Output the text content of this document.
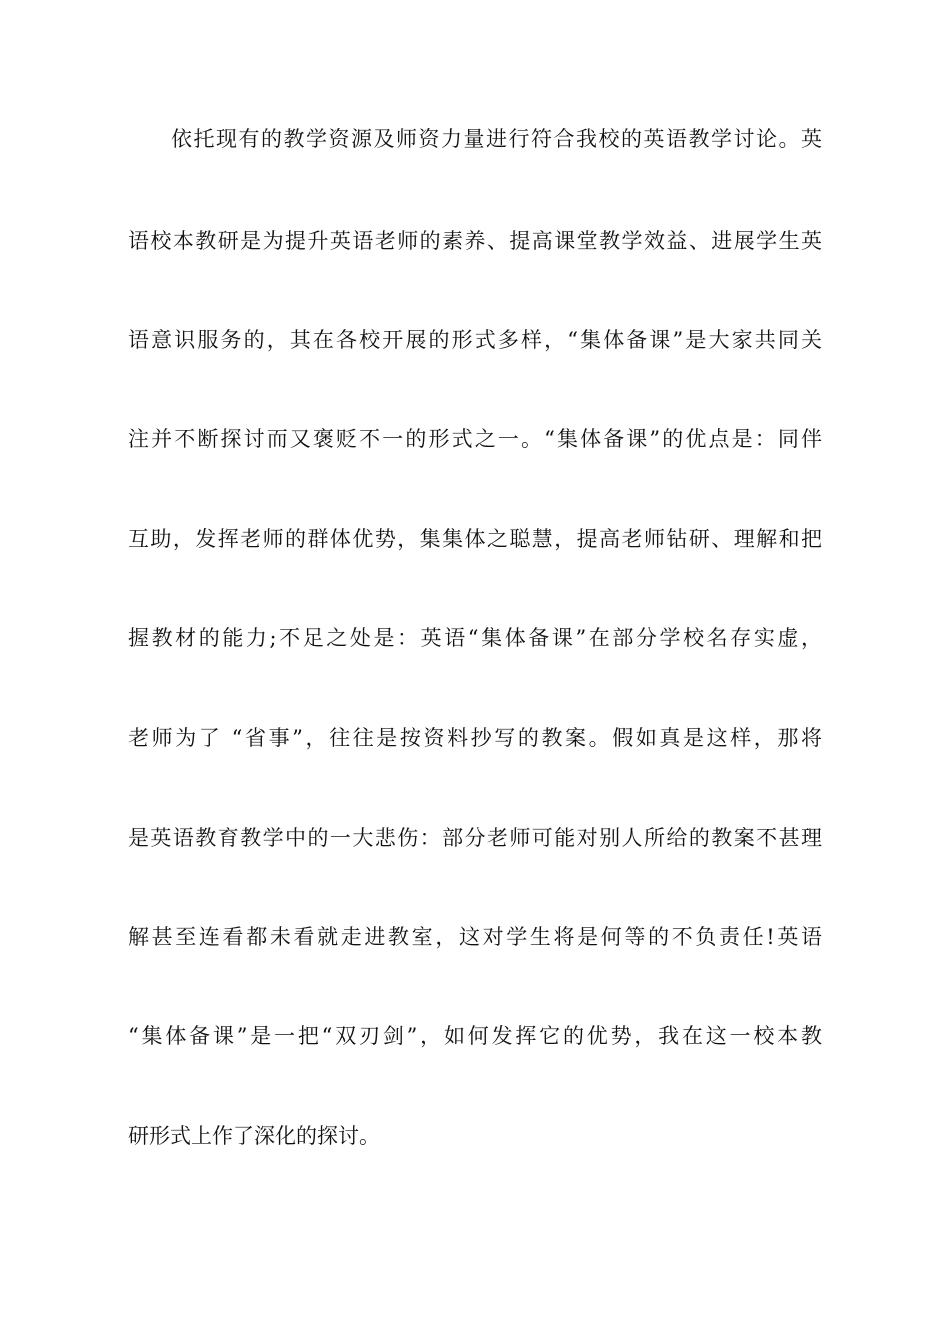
依托现有的教学资源及师资力量进行符合我校的英语教学讨论。英
语校本教研是为提升英语老师的素养、提高课堂教学效益、进展学生英
语意识服务的，其在各校开展的形式多样，“集体备课”是大家共同关
注并不断探讨而又褒贬不一的形式之一。“集体备课”的优点是：同伴
互助，发挥老师的群体优势，集集体之聪慧，提高老师钻研、理解和把
握教材的能力;不足之处是：英语“集体备课”在部分学校名存实虚，
老师为了 “省事”，往往是按资料抄写的教案。假如真是这样，那将
是英语教育教学中的一大悲伤：部分老师可能对别人所给的教案不甚理
解甚至连看都未看就走进教室，这对学生将是何等的不负责任!英语
“集体备课”是一把“双刃剑”，如何发挥它的优势，我在这一校本教
研形式上作了深化的探讨。
